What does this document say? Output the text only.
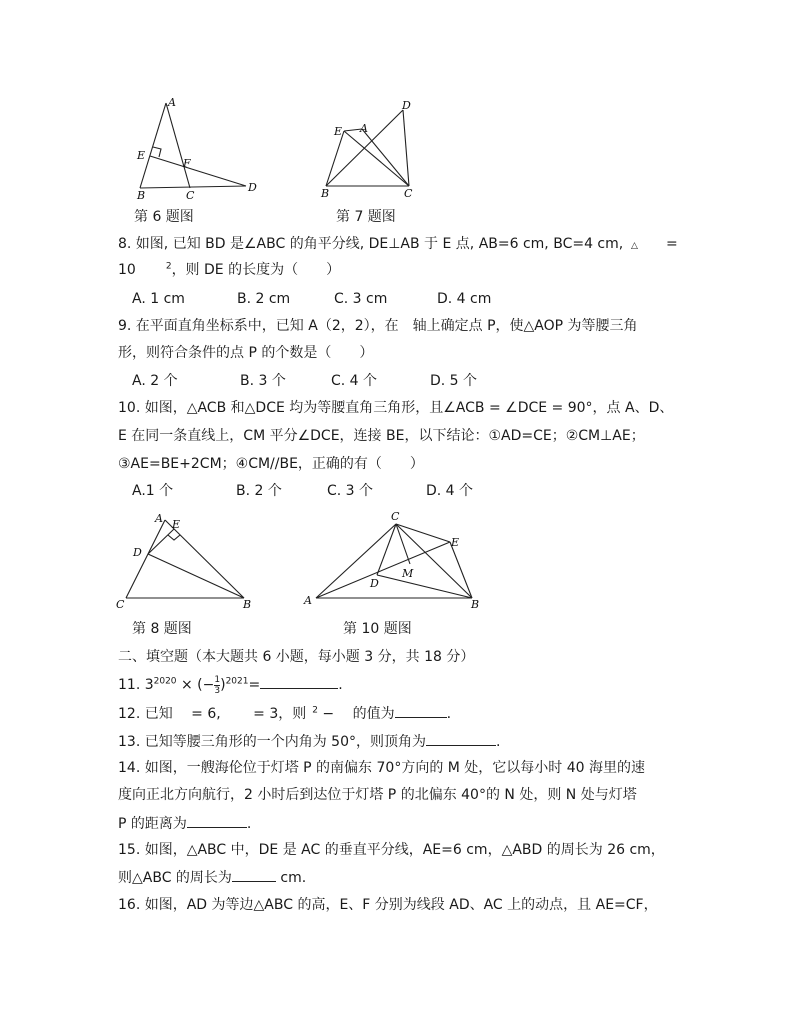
A
E
F
B	C
D
第 6 题图
D
E A
B	C
第 7 题图
8. 如图, 已知 BD 是∠ABC 的角平分线, DE⊥AB 于 E 点, AB=6 cm, BC=4 cm, △ =
10	$^2$，则 DE 的长度为（　　）
A. 1 cm	B. 2 cm	C. 3 cm	D. 4 cm
9. 在平面直角坐标系中，已知 A（2，2），在　轴上确定点 P，使△AOP 为等腰三角
形，则符合条件的点 P 的个数是（　　）
A. 2 个	B. 3 个	C. 4 个	D. 5 个
10. 如图，△ACB 和△DCE 均为等腰直角三角形，且∠ACB = ∠DCE = 90°，点 A、D、
E 在同一条直线上，CM 平分∠DCE，连接 BE，以下结论：①AD=CE；②CM⊥AE；
③AE=BE+2CM；④CM//BE，正确的有（　　）
A.1 个	B. 2 个	C. 3 个	D. 4 个
A E
D
C	B
第 8 题图
C
E
D
M
A	B
第 10 题图
二、填空题（本大题共 6 小题，每小题 3 分，共 18 分）
11. $3^{2020}$ × (− $\frac{1}{3} )^{2021}=$	.
12. 已知　 = 6,　　 = 3，则 $^2$ − 　的值为	.
13. 已知等腰三角形的一个内角为 50°，则顶角为	.
14. 如图，一艘海伦位于灯塔 P 的南偏东 70°方向的 M 处，它以每小时 40 海里的速
度向正北方向航行，2 小时后到达位于灯塔 P 的北偏东 40°的 N 处，则 N 处与灯塔
P 的距离为	.
15. 如图，△ABC 中，DE 是 AC 的垂直平分线，AE=6 cm，△ABD 的周长为 26 cm，
则△ABC 的周长为	cm.
16. 如图，AD 为等边△ABC 的高，E、F 分别为线段 AD、AC 上的动点，且 AE=CF，
